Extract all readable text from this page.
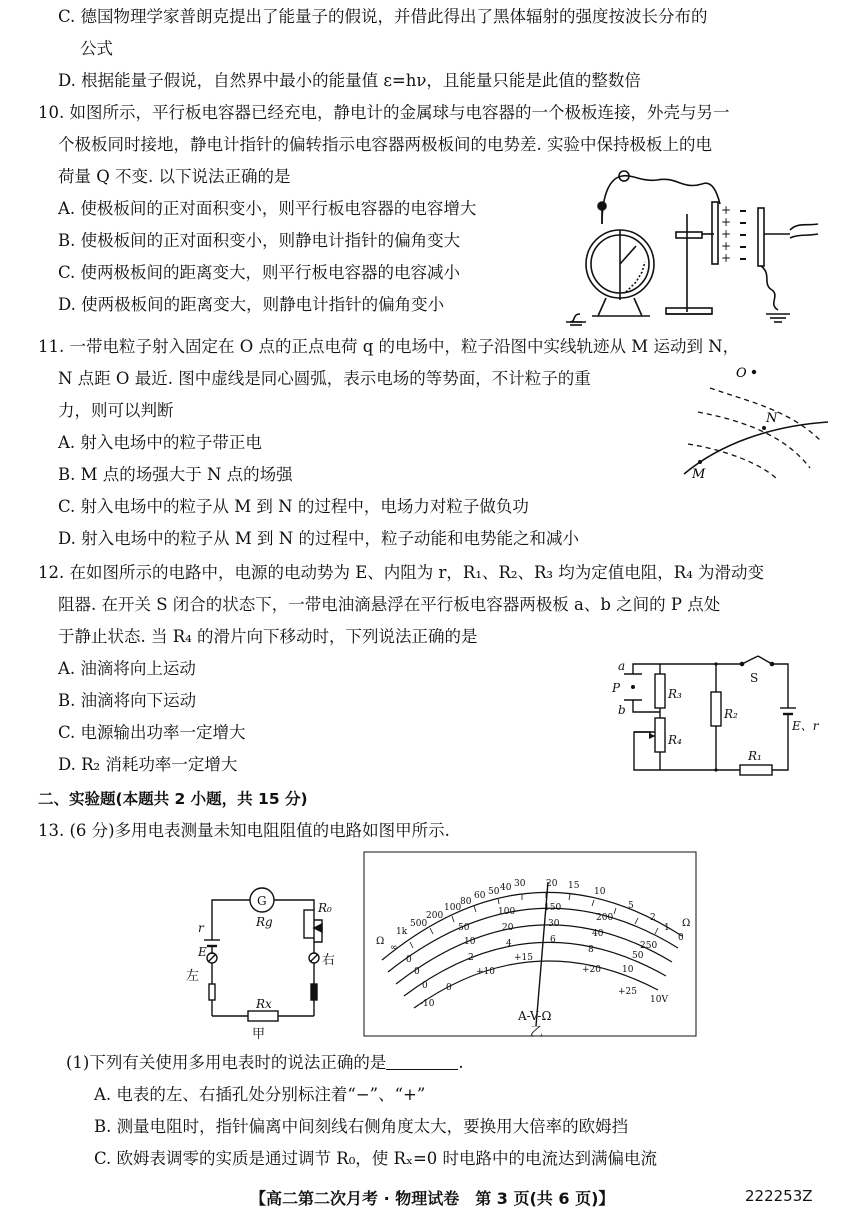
C. 德国物理学家普朗克提出了能量子的假说，并借此得出了黑体辐射的强度按波长分布的
公式
D. 根据能量子假说，自然界中最小的能量值 ε=hν，且能量只能是此值的整数倍
10. 如图所示，平行板电容器已经充电，静电计的金属球与电容器的一个极板连接，外壳与另一
个极板同时接地，静电计指针的偏转指示电容器两极板间的电势差. 实验中保持极板上的电
荷量 Q 不变. 以下说法正确的是
A. 使极板间的正对面积变小，则平行板电容器的电容增大
B. 使极板间的正对面积变小，则静电计指针的偏角变大
C. 使两极板间的距离变大，则平行板电容器的电容减小
D. 使两极板间的距离变大，则静电计指针的偏角变小
+
+
+
+
+
11. 一带电粒子射入固定在 O 点的正点电荷 q 的电场中，粒子沿图中实线轨迹从 M 运动到 N，
N 点距 O 最近. 图中虚线是同心圆弧，表示电场的等势面，不计粒子的重
力，则可以判断
A. 射入电场中的粒子带正电
B. M 点的场强大于 N 点的场强
C. 射入电场中的粒子从 M 到 N 的过程中，电场力对粒子做负功
D. 射入电场中的粒子从 M 到 N 的过程中，粒子动能和电势能之和减小
O
N
M
12. 在如图所示的电路中，电源的电动势为 E、内阻为 r，R₁、R₂、R₃ 均为定值电阻，R₄ 为滑动变
阻器. 在开关 S 闭合的状态下，一带电油滴悬浮在平行板电容器两极板 a、b 之间的 P 点处
于静止状态. 当 R₄ 的滑片向下移动时，下列说法正确的是
A. 油滴将向上运动
B. 油滴将向下运动
C. 电源输出功率一定增大
D. R₂ 消耗功率一定增大
a
P
b
R₃
R₄
R₂
R₁
S
E、r
二、实验题(本题共 2 小题，共 15 分)
13. (6 分)多用电表测量未知电阻阻值的电路如图甲所示.
G
Rg
R₀
r
E
左
右
Rx
甲
∞
1k
500
200
100
80
60 50 40 30 20 15
10
5
2
1
0
0
50
100	150
200
250
0
10
20	30
40
50
0
2
4	6
8
10
-10
0
+10
+15
+20
+25
Ω
Ω
10V
A-V-Ω
乙
(1)下列有关使用多用电表时的说法正确的是	.
A. 电表的左、右插孔处分别标注着“−”、“+”
B. 测量电阻时，指针偏离中间刻线右侧角度太大，要换用大倍率的欧姆挡
C. 欧姆表调零的实质是通过调节 R₀，使 Rₓ=0 时电路中的电流达到满偏电流
【高二第二次月考 · 物理试卷　第 3 页(共 6 页)】	222253Z
